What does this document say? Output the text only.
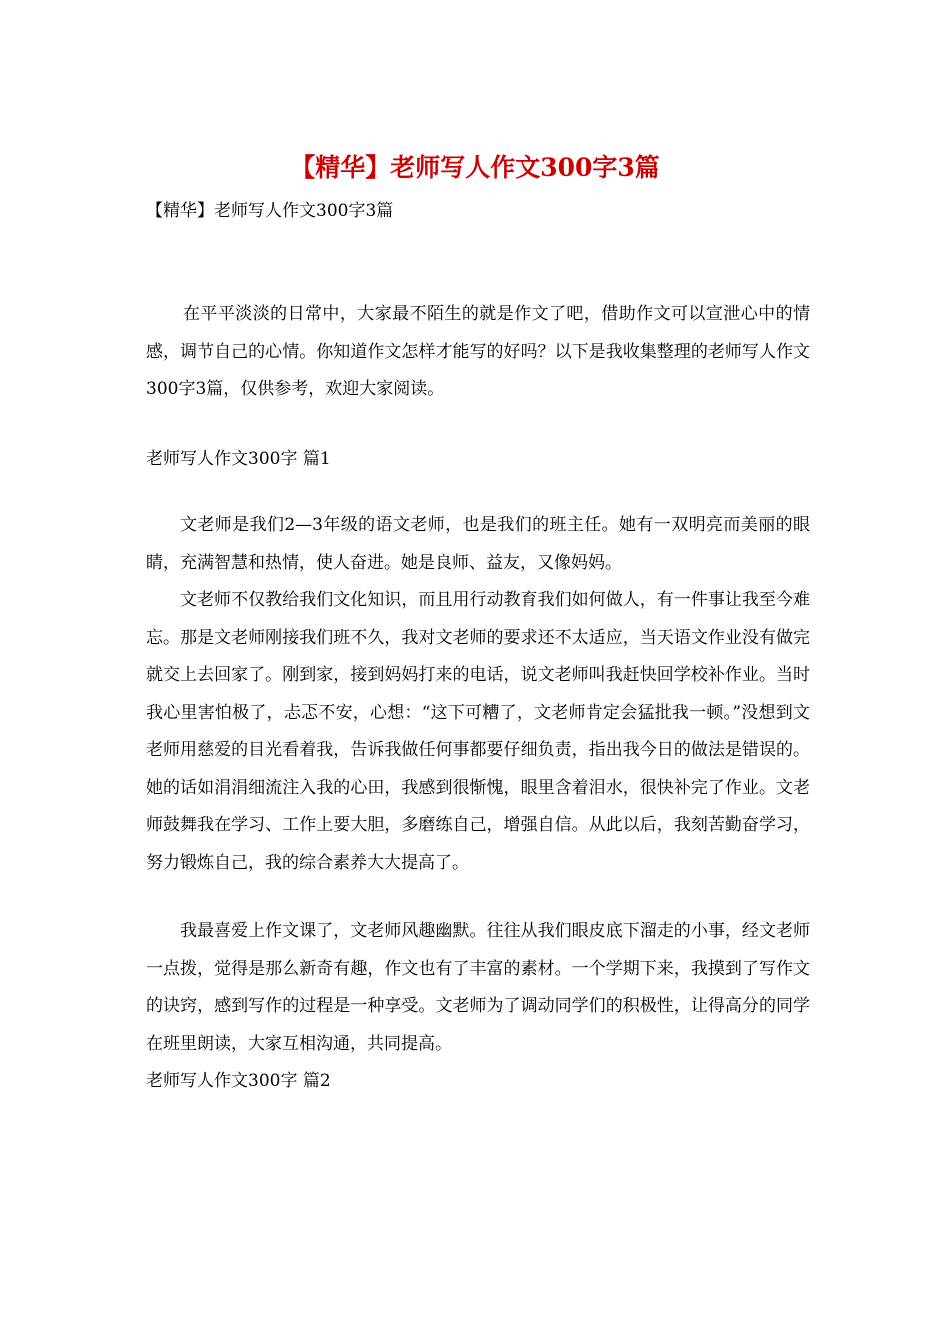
【精华】老师写人作文300字3篇

【精华】老师写人作文300字3篇

在平平淡淡的日常中，大家最不陌生的就是作文了吧，借助作文可以宣泄心中的情感，调节自己的心情。你知道作文怎样才能写的好吗？以下是我收集整理的老师写人作文300字3篇，仅供参考，欢迎大家阅读。

老师写人作文300字 篇1

文老师是我们2—3年级的语文老师，也是我们的班主任。她有一双明亮而美丽的眼睛，充满智慧和热情，使人奋进。她是良师、益友，又像妈妈。

文老师不仅教给我们文化知识，而且用行动教育我们如何做人，有一件事让我至今难忘。那是文老师刚接我们班不久，我对文老师的要求还不太适应，当天语文作业没有做完就交上去回家了。刚到家，接到妈妈打来的电话，说文老师叫我赶快回学校补作业。当时我心里害怕极了，忐忑不安，心想：“这下可糟了，文老师肯定会猛批我一顿。”没想到文老师用慈爱的目光看着我，告诉我做任何事都要仔细负责，指出我今日的做法是错误的。她的话如涓涓细流注入我的心田，我感到很惭愧，眼里含着泪水，很快补完了作业。文老师鼓舞我在学习、工作上要大胆，多磨练自己，增强自信。从此以后，我刻苦勤奋学习，努力锻炼自己，我的综合素养大大提高了。

我最喜爱上作文课了，文老师风趣幽默。往往从我们眼皮底下溜走的小事，经文老师一点拨，觉得是那么新奇有趣，作文也有了丰富的素材。一个学期下来，我摸到了写作文的诀窍，感到写作的过程是一种享受。文老师为了调动同学们的积极性，让得高分的同学在班里朗读，大家互相沟通，共同提高。

老师写人作文300字 篇2
